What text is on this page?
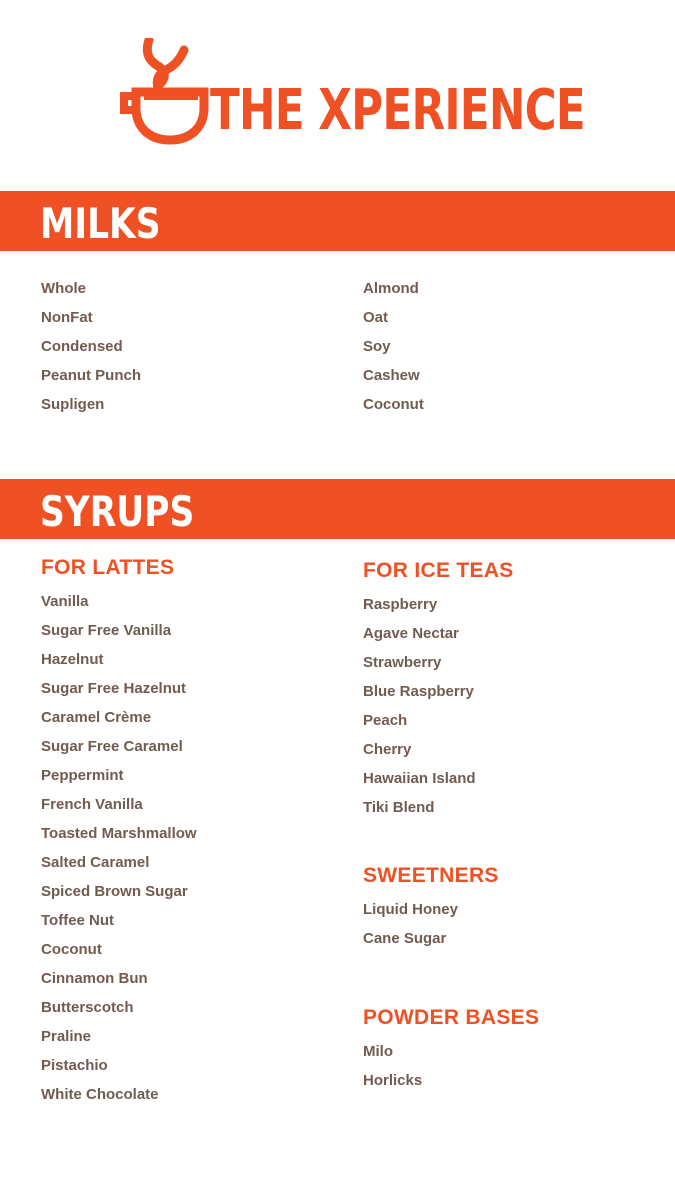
THE XPERIENCE
MILKS
Whole
NonFat
Condensed
Peanut Punch
Supligen
Almond
Oat
Soy
Cashew
Coconut
SYRUPS
FOR LATTES
Vanilla
Sugar Free Vanilla
Hazelnut
Sugar Free Hazelnut
Caramel Crème
Sugar Free Caramel
Peppermint
French Vanilla
Toasted Marshmallow
Salted Caramel
Spiced Brown Sugar
Toffee Nut
Coconut
Cinnamon Bun
Butterscotch
Praline
Pistachio
White Chocolate
FOR ICE TEAS
Raspberry
Agave Nectar
Strawberry
Blue Raspberry
Peach
Cherry
Hawaiian Island
Tiki Blend
SWEETNERS
Liquid Honey
Cane Sugar
POWDER BASES
Milo
Horlicks
